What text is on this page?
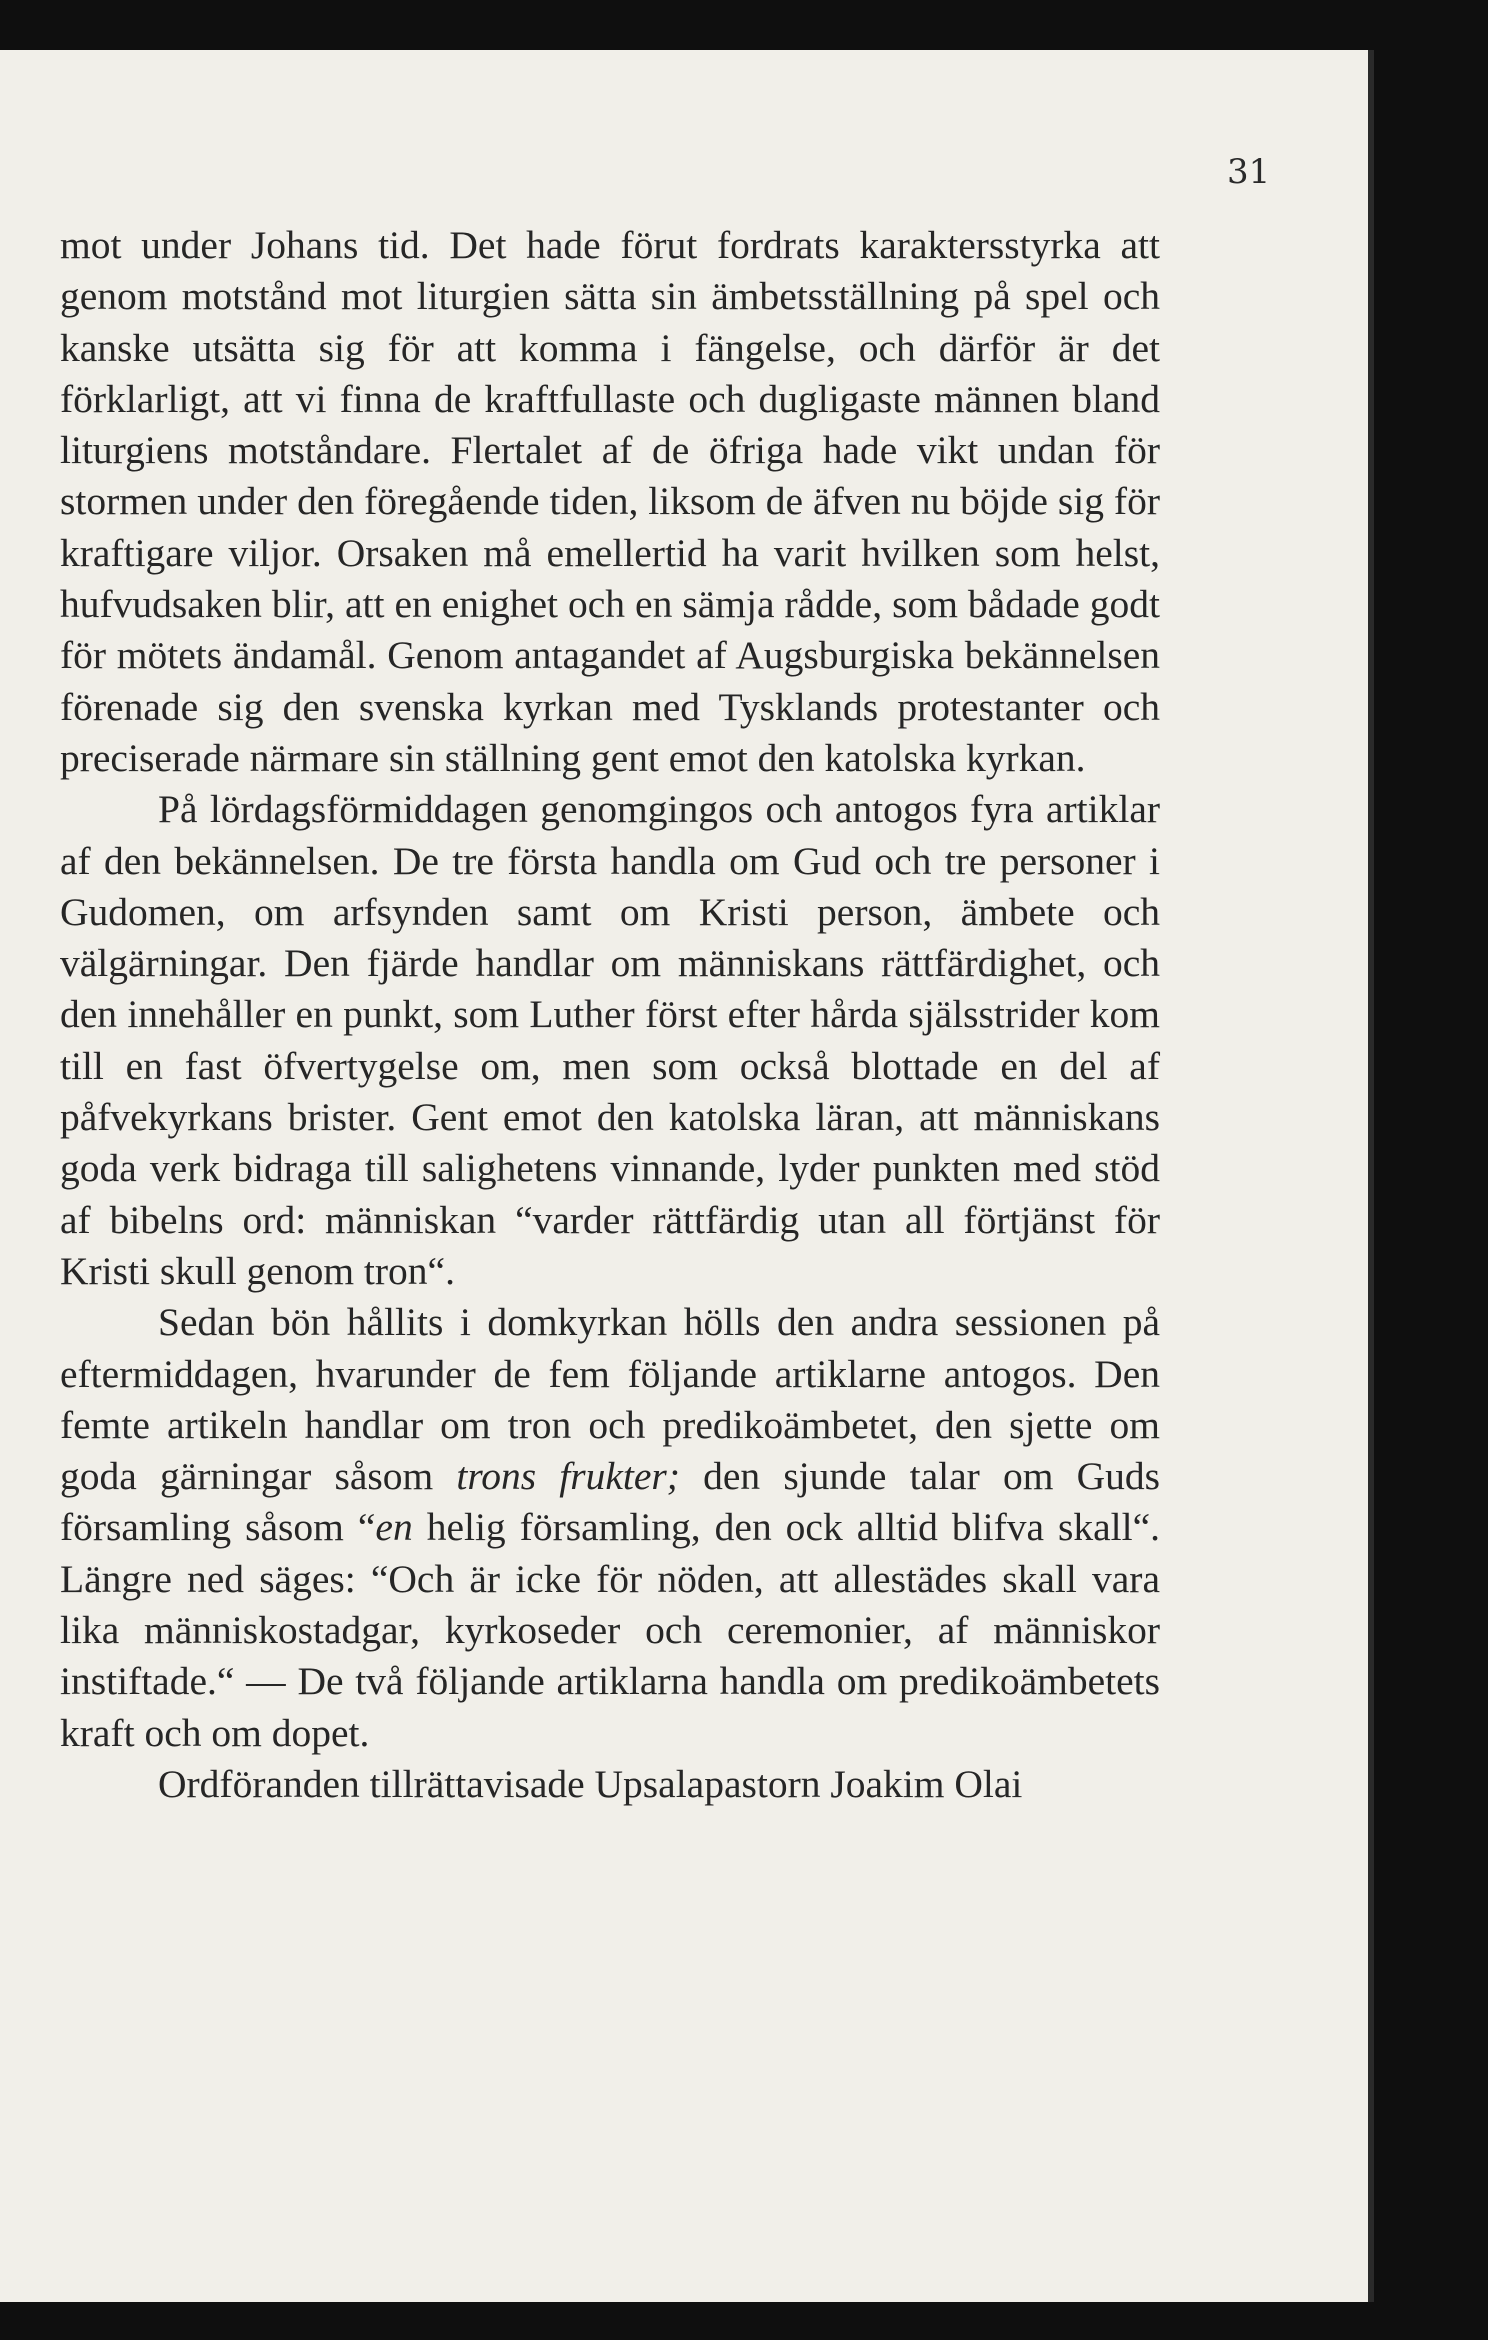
31

mot under Johans tid. Det hade förut fordrats karaktersstyrka att genom motstånd mot liturgien sätta sin ämbetsställning på spel och kanske utsätta sig för att komma i fängelse, och därför är det förklarligt, att vi finna de kraftfullaste och dugligaste männen bland liturgiens motståndare. Flertalet af de öfriga hade vikt undan för stormen under den föregående tiden, liksom de äfven nu böjde sig för kraftigare viljor. Orsaken må emellertid ha varit hvilken som helst, hufvudsaken blir, att en enighet och en sämja rådde, som bådade godt för mötets ändamål. Genom antagandet af Augsburgiska bekännelsen förenade sig den svenska kyrkan med Tysklands protestanter och preciserade närmare sin ställning gent emot den katolska kyrkan.

På lördagsförmiddagen genomgingos och antogos fyra artiklar af den bekännelsen. De tre första handla om Gud och tre personer i Gudomen, om arfsynden samt om Kristi person, ämbete och välgärningar. Den fjärde handlar om människans rättfärdighet, och den innehåller en punkt, som Luther först efter hårda själsstrider kom till en fast öfvertygelse om, men som också blottade en del af påfvekyrkans brister. Gent emot den katolska läran, att människans goda verk bidraga till salighetens vinnande, lyder punkten med stöd af bibelns ord: människan “varder rättfärdig utan all förtjänst för Kristi skull genom tron“.

Sedan bön hållits i domkyrkan hölls den andra sessionen på eftermiddagen, hvarunder de fem följande artiklarne antogos. Den femte artikeln handlar om tron och predikoämbetet, den sjette om goda gärningar såsom trons frukter; den sjunde talar om Guds församling såsom “en helig församling, den ock alltid blifva skall“. Längre ned säges: “Och är icke för nöden, att allestädes skall vara lika människostadgar, kyrkoseder och ceremonier, af människor instiftade.“ — De två följande artiklarna handla om predikoämbetets kraft och om dopet.

Ordföranden tillrättavisade Upsalapastorn Joakim Olai
